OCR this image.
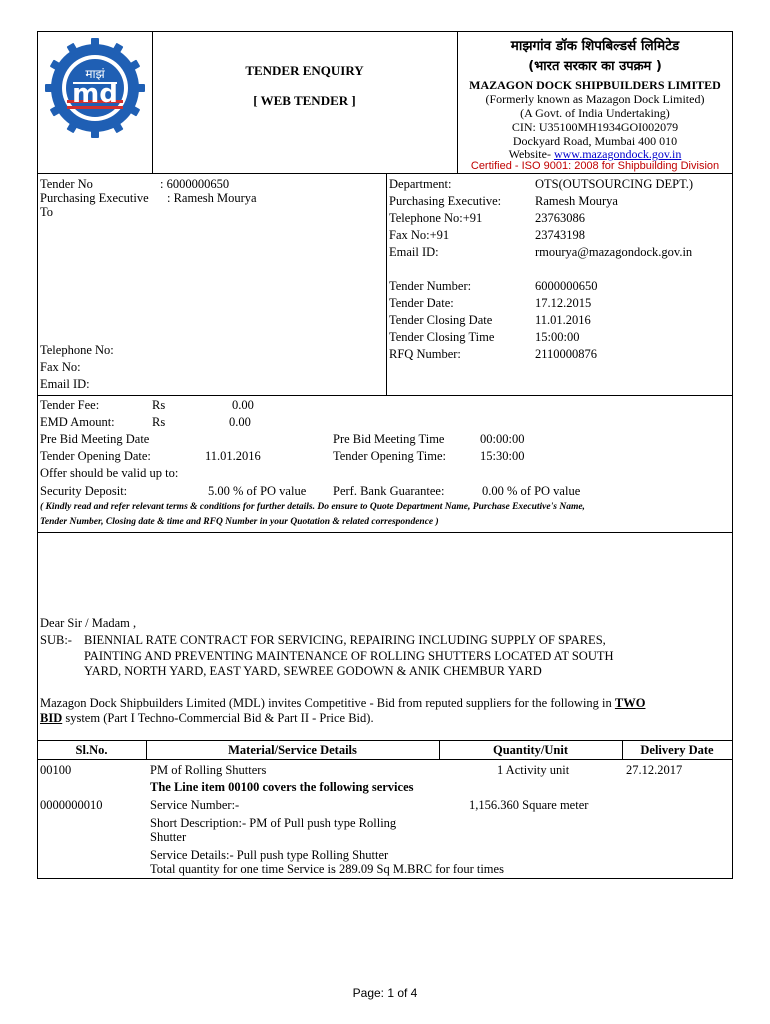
माझं
md
TENDER ENQUIRY
[ WEB TENDER ]
माझगांव डॉक शिपबिल्डर्स लिमिटेड
(भारत सरकार का उपक्रम )
MAZAGON DOCK SHIPBUILDERS LIMITED
(Formerly known as Mazagon Dock Limited)
(A Govt. of India Undertaking)
CIN: U35100MH1934GOI002079
Dockyard Road, Mumbai 400 010
Website- www.mazagondock.gov.in
Certified - ISO 9001: 2008 for Shipbuilding Division
Tender No	: 6000000650
Purchasing Executive : Ramesh Mourya
To
Telephone No:
Fax No:
Email ID:
Department:	OTS(OUTSOURCING DEPT.)
Purchasing Executive:	Ramesh Mourya
Telephone No:+91	23763086
Fax No:+91	23743198
Email ID:	rmourya@mazagondock.gov.in
Tender Number:	6000000650
Tender Date:	17.12.2015
Tender Closing Date	11.01.2016
Tender Closing Time	15:00:00
RFQ Number:	2110000876
Tender Fee:	Rs	0.00
EMD Amount:	Rs	0.00
Pre Bid Meeting Date	Pre Bid Meeting Time	00:00:00
Tender Opening Date:	11.01.2016	Tender Opening Time:	15:30:00
Offer should be valid up to:
Security Deposit:	5.00 % of PO value Perf. Bank Guarantee:	0.00 % of PO value
( Kindly read and refer relevant terms & conditions for further details. Do ensure to Quote Department Name, Purchase Executive's Name,
Tender Number, Closing date & time and RFQ Number in your Quotation & related correspondence )
Dear Sir / Madam ,
SUB:- BIENNIAL RATE CONTRACT FOR SERVICING, REPAIRING INCLUDING SUPPLY OF SPARES,
PAINTING AND PREVENTING MAINTENANCE OF ROLLING SHUTTERS LOCATED AT SOUTH
YARD, NORTH YARD, EAST YARD, SEWREE GODOWN & ANIK CHEMBUR YARD
Mazagon Dock Shipbuilders Limited (MDL) invites Competitive - Bid from reputed suppliers for the following in TWO
BID system (Part I Techno-Commercial Bid & Part II - Price Bid).
Sl.No.	Material/Service Details	Quantity/Unit	Delivery Date
00100	PM of Rolling Shutters	1 Activity unit	27.12.2017
The Line item 00100 covers the following services
0000000010	Service Number:-	1,156.360 Square meter
Short Description:- PM of Pull push type Rolling
Shutter
Service Details:- Pull push type Rolling Shutter
Total quantity for one time Service is 289.09 Sq M.BRC for four times
Page: 1 of 4
